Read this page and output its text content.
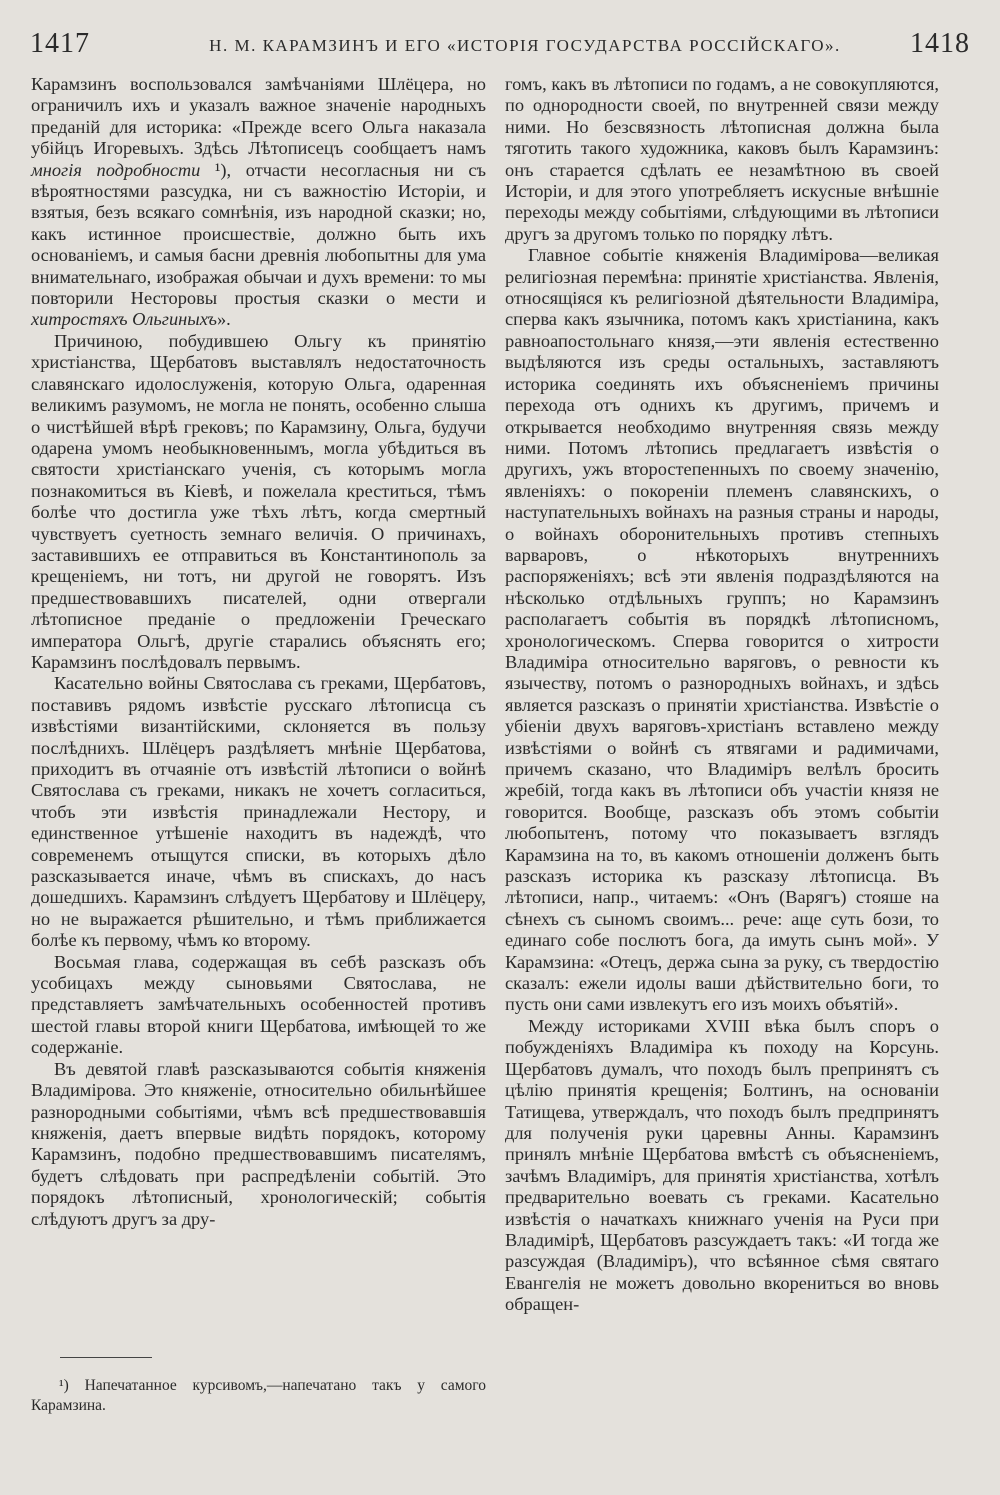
1417	Н. М. КАРАМЗИНЪ И ЕГО «ИСТОРІЯ ГОСУДАРСТВА РОССІЙСКАГО». 1418

Карамзинъ воспользовался замѣчаніями Шлёцера, но ограничилъ ихъ и указалъ важное значеніе народныхъ преданій для историка: «Прежде всего Ольга наказала убійцъ Игоревыхъ. Здѣсь Лѣтописецъ сообщаетъ намъ многія подробности ¹), отчасти несогласныя ни съ вѣроятностями разсудка, ни съ важностію Исторіи, и взятыя, безъ всякаго сомнѣнія, изъ народной сказки; но, какъ истинное происшествіе, должно быть ихъ основаніемъ, и самыя басни древнія любопытны для ума внимательнаго, изображая обычаи и духъ времени: то мы повторили Несторовы простыя сказки о мести и хитростяхъ Ольгиныхъ».

Причиною, побудившею Ольгу къ принятію христіанства, Щербатовъ выставлялъ недостаточность славянскаго идолослуженія, которую Ольга, одаренная великимъ разумомъ, не могла не понять, особенно слыша о чистѣйшей вѣрѣ грековъ; по Карамзину, Ольга, будучи одарена умомъ необыкновеннымъ, могла убѣдиться въ святости христіанскаго ученія, съ которымъ могла познакомиться въ Кіевѣ, и пожелала креститься, тѣмъ болѣе что достигла уже тѣхъ лѣтъ, когда смертный чувствуетъ суетность земнаго величія. О причинахъ, заставившихъ ее отправиться въ Константинополь за крещеніемъ, ни тотъ, ни другой не говорятъ. Изъ предшествовавшихъ писателей, одни отвергали лѣтописное преданіе о предложеніи Греческаго императора Ольгѣ, другіе старались объяснять его; Карамзинъ послѣдовалъ первымъ.

Касательно войны Святослава съ греками, Щербатовъ, поставивъ рядомъ извѣстіе русскаго лѣтописца съ извѣстіями византійскими, склоняется въ пользу послѣднихъ. Шлёцеръ раздѣляетъ мнѣніе Щербатова, приходитъ въ отчаяніе отъ извѣстій лѣтописи о войнѣ Святослава съ греками, никакъ не хочетъ согласиться, чтобъ эти извѣстія принадлежали Нестору, и единственное утѣшеніе находитъ въ надеждѣ, что современемъ отыщутся списки, въ которыхъ дѣло разсказывается иначе, чѣмъ въ спискахъ, до насъ дошедшихъ. Карамзинъ слѣдуетъ Щербатову и Шлёцеру, но не выражается рѣшительно, и тѣмъ приближается болѣе къ первому, чѣмъ ко второму.

Восьмая глава, содержащая въ себѣ разсказъ объ усобицахъ между сыновьями Святослава, не представляетъ замѣчательныхъ особенностей противъ шестой главы второй книги Щербатова, имѣющей то же содержаніе.

Въ девятой главѣ разсказываются событія княженія Владимірова. Это княженіе, относительно обильнѣйшее разнородными событіями, чѣмъ всѣ предшествовавшія княженія, даетъ впервые видѣть порядокъ, которому Карамзинъ, подобно предшествовавшимъ писателямъ, будетъ слѣдовать при распредѣленіи событій. Это порядокъ лѣтописный, хронологическій; событія слѣдуютъ другъ за дру-

гомъ, какъ въ лѣтописи по годамъ, а не совокупляются, по однородности своей, по внутренней связи между ними. Но безсвязность лѣтописная должна была тяготить такого художника, каковъ былъ Карамзинъ: онъ старается сдѣлать ее незамѣтною въ своей Исторіи, и для этого употребляетъ искусные внѣшніе переходы между событіями, слѣдующими въ лѣтописи другъ за другомъ только по порядку лѣтъ.

Главное событіе княженія Владимірова—великая религіозная перемѣна: принятіе христіанства. Явленія, относящіяся къ религіозной дѣятельности Владиміра, сперва какъ язычника, потомъ какъ христіанина, какъ равноапостольнаго князя,—эти явленія естественно выдѣляются изъ среды остальныхъ, заставляютъ историка соединять ихъ объясненіемъ причины перехода отъ однихъ къ другимъ, причемъ и открывается необходимо внутренняя связь между ними. Потомъ лѣтопись предлагаетъ извѣстія о другихъ, ужъ второстепенныхъ по своему значенію, явленіяхъ: о покореніи племенъ славянскихъ, о наступательныхъ войнахъ на разныя страны и народы, о войнахъ оборонительныхъ противъ степныхъ варваровъ, о нѣкоторыхъ внутреннихъ распоряженіяхъ; всѣ эти явленія подраздѣляются на нѣсколько отдѣльныхъ группъ; но Карамзинъ располагаетъ событія въ порядкѣ лѣтописномъ, хронологическомъ. Сперва говорится о хитрости Владиміра относительно варяговъ, о ревности къ язычеству, потомъ о разнородныхъ войнахъ, и здѣсь является разсказъ о принятіи христіанства. Извѣстіе о убіеніи двухъ варяговъ-христіанъ вставлено между извѣстіями о войнѣ съ ятвягами и радимичами, причемъ сказано, что Владиміръ велѣлъ бросить жребій, тогда какъ въ лѣтописи объ участіи князя не говорится. Вообще, разсказъ объ этомъ событіи любопытенъ, потому что показываетъ взглядъ Карамзина на то, въ какомъ отношеніи долженъ быть разсказъ историка къ разсказу лѣтописца. Въ лѣтописи, напр., читаемъ: «Онъ (Варягъ) стояше на сѣнехъ съ сыномъ своимъ... рече: аще суть бози, то единаго собе послютъ бога, да имуть сынъ мой». У Карамзина: «Отецъ, держа сына за руку, съ твердостію сказалъ: ежели идолы ваши дѣйствительно боги, то пусть они сами извлекутъ его изъ моихъ объятій».

Между историками XVIII вѣка былъ споръ о побужденіяхъ Владиміра къ походу на Корсунь. Щербатовъ думалъ, что походъ былъ препринятъ съ цѣлію принятія крещенія; Болтинъ, на основаніи Татищева, утверждалъ, что походъ былъ предпринятъ для полученія руки царевны Анны. Карамзинъ принялъ мнѣніе Щербатова вмѣстѣ съ объясненіемъ, зачѣмъ Владиміръ, для принятія христіанства, хотѣлъ предварительно воевать съ греками. Касательно извѣстія о начаткахъ книжнаго ученія на Руси при Владимірѣ, Щербатовъ разсуждаетъ такъ: «И тогда же разсуждая (Владиміръ), что всѣянное сѣмя святаго Евангелія не можетъ довольно вкорениться во вновь обращен-

¹) Напечатанное курсивомъ,—напечатано такъ у самого Карамзина.
